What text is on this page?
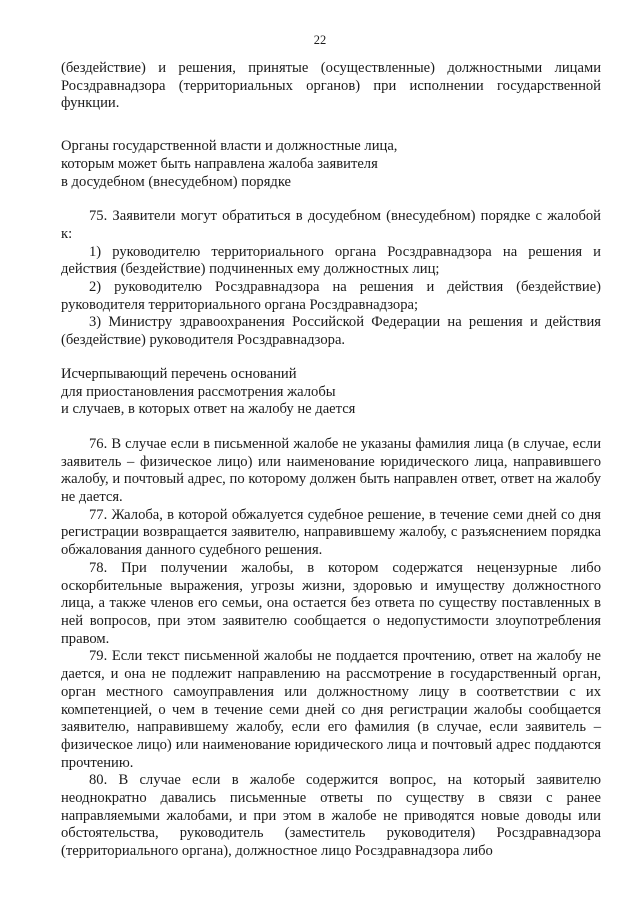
22

(бездействие) и решения, принятые (осуществленные) должностными лицами Росздравнадзора (территориальных органов) при исполнении государственной функции.

Органы государственной власти и должностные лица,
которым может быть направлена жалоба заявителя
в досудебном (внесудебном) порядке

75. Заявители могут обратиться в досудебном (внесудебном) порядке с жалобой к:

1) руководителю территориального органа Росздравнадзора на решения и действия (бездействие) подчиненных ему должностных лиц;

2) руководителю Росздравнадзора на решения и действия (бездействие) руководителя территориального органа Росздравнадзора;

3) Министру здравоохранения Российской Федерации на решения и действия (бездействие) руководителя Росздравнадзора.

Исчерпывающий перечень оснований
для приостановления рассмотрения жалобы
и случаев, в которых ответ на жалобу не дается

76. В случае если в письменной жалобе не указаны фамилия лица (в случае, если заявитель – физическое лицо) или наименование юридического лица, направившего жалобу, и почтовый адрес, по которому должен быть направлен ответ, ответ на жалобу не дается.

77. Жалоба, в которой обжалуется судебное решение, в течение семи дней со дня регистрации возвращается заявителю, направившему жалобу, с разъяснением порядка обжалования данного судебного решения.

78. При получении жалобы, в котором содержатся нецензурные либо оскорбительные выражения, угрозы жизни, здоровью и имуществу должностного лица, а также членов его семьи, она остается без ответа по существу поставленных в ней вопросов, при этом заявителю сообщается о недопустимости злоупотребления правом.

79. Если текст письменной жалобы не поддается прочтению, ответ на жалобу не дается, и она не подлежит направлению на рассмотрение в государственный орган, орган местного самоуправления или должностному лицу в соответствии с их компетенцией, о чем в течение семи дней со дня регистрации жалобы сообщается заявителю, направившему жалобу, если его фамилия (в случае, если заявитель – физическое лицо) или наименование юридического лица и почтовый адрес поддаются прочтению.

80. В случае если в жалобе содержится вопрос, на который заявителю неоднократно давались письменные ответы по существу в связи с ранее направляемыми жалобами, и при этом в жалобе не приводятся новые доводы или обстоятельства, руководитель (заместитель руководителя) Росздравнадзора (территориального органа), должностное лицо Росздравнадзора либо
